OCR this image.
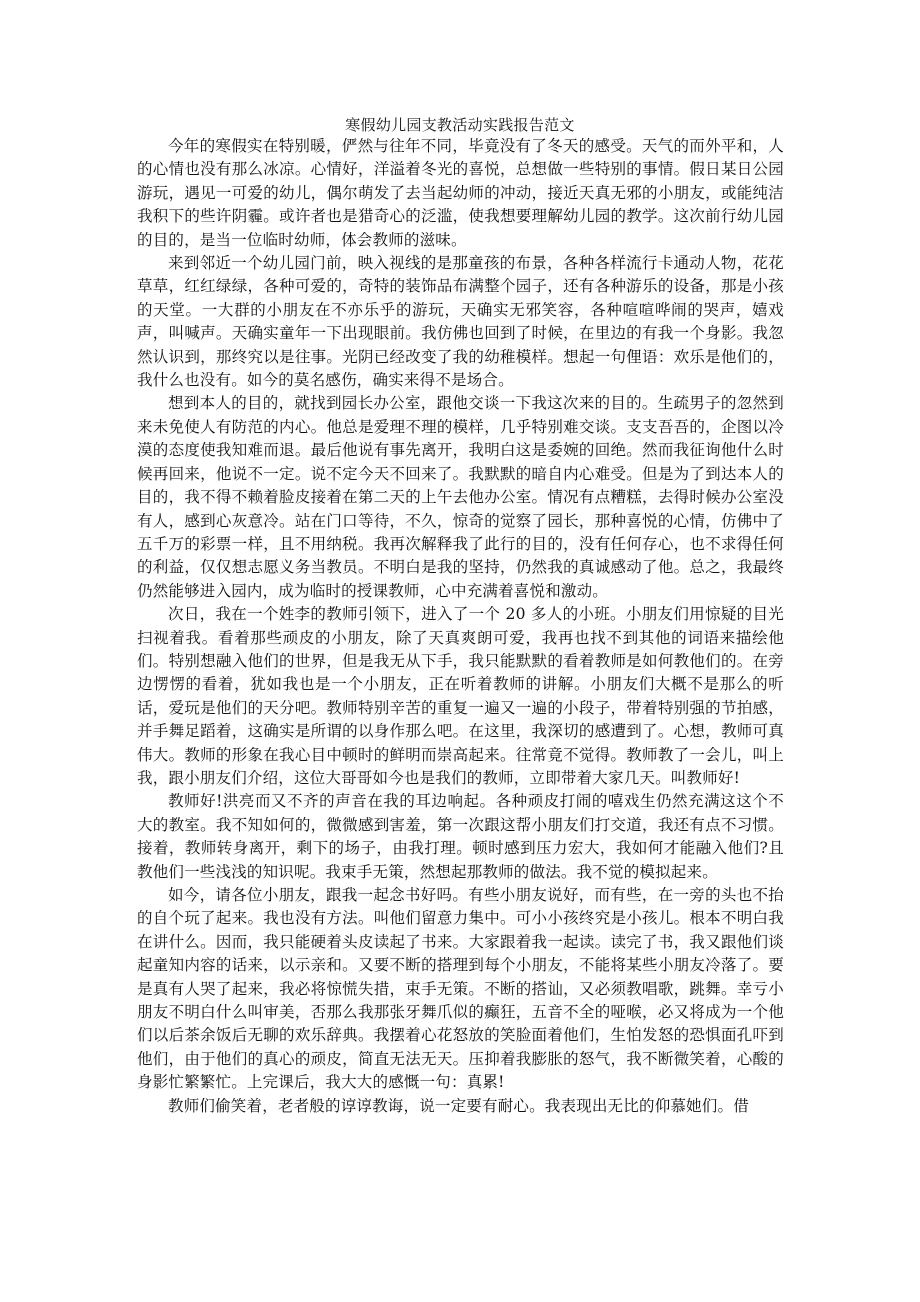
寒假幼儿园支教活动实践报告范文

今年的寒假实在特别暖，俨然与往年不同，毕竟没有了冬天的感受。天气的而外平和，人的心情也没有那么冰凉。心情好，洋溢着冬光的喜悦，总想做一些特别的事情。假日某日公园游玩，遇见一可爱的幼儿，偶尔萌发了去当起幼师的冲动，接近天真无邪的小朋友，或能纯洁我积下的些许阴霾。或许者也是猎奇心的泛滥，使我想要理解幼儿园的教学。这次前行幼儿园的目的，是当一位临时幼师，体会教师的滋味。

来到邻近一个幼儿园门前，映入视线的是那童孩的布景，各种各样流行卡通动人物，花花草草，红红绿绿，各种可爱的，奇特的装饰品布满整个园子，还有各种游乐的设备，那是小孩的天堂。一大群的小朋友在不亦乐乎的游玩，天确实无邪笑容，各种喧喧哗闹的哭声，嬉戏声，叫喊声。天确实童年一下出现眼前。我仿佛也回到了时候，在里边的有我一个身影。我忽然认识到，那终究以是往事。光阴已经改变了我的幼稚模样。想起一句俚语：欢乐是他们的，我什么也没有。如今的莫名感伤，确实来得不是场合。

想到本人的目的，就找到园长办公室，跟他交谈一下我这次来的目的。生疏男子的忽然到来未免使人有防范的内心。他总是爱理不理的模样，几乎特别难交谈。支支吾吾的，企图以冷漠的态度使我知难而退。最后他说有事先离开，我明白这是委婉的回绝。然而我征询他什么时候再回来，他说不一定。说不定今天不回来了。我默默的暗自内心难受。但是为了到达本人的目的，我不得不赖着脸皮接着在第二天的上午去他办公室。情况有点糟糕，去得时候办公室没有人，感到心灰意冷。站在门口等待，不久，惊奇的觉察了园长，那种喜悦的心情，仿佛中了五千万的彩票一样，且不用纳税。我再次解释我了此行的目的，没有任何存心，也不求得任何的利益，仅仅想志愿义务当教员。不明白是我的坚持，仍然我的真诚感动了他。总之，我最终仍然能够进入园内，成为临时的授课教师，心中充满着喜悦和激动。

次日，我在一个姓李的教师引领下，进入了一个 20 多人的小班。小朋友们用惊疑的目光扫视着我。看着那些顽皮的小朋友，除了天真爽朗可爱，我再也找不到其他的词语来描绘他们。特别想融入他们的世界，但是我无从下手，我只能默默的看着教师是如何教他们的。在旁边愣愣的看着，犹如我也是一个小朋友，正在听着教师的讲解。小朋友们大概不是那么的听话，爱玩是他们的天分吧。教师特别辛苦的重复一遍又一遍的小段子，带着特别强的节拍感，并手舞足蹈着，这确实是所谓的以身作那么吧。在这里，我深切的感遭到了。心想，教师可真伟大。教师的形象在我心目中顿时的鲜明而崇高起来。往常竟不觉得。教师教了一会儿，叫上我，跟小朋友们介绍，这位大哥哥如今也是我们的教师，立即带着大家几天。叫教师好!

教师好!洪亮而又不齐的声音在我的耳边响起。各种顽皮打闹的嘻戏生仍然充满这这个不大的教室。我不知如何的，微微感到害羞，第一次跟这帮小朋友们打交道，我还有点不习惯。接着，教师转身离开，剩下的场子，由我打理。顿时感到压力宏大，我如何才能融入他们?且教他们一些浅浅的知识呢。我束手无策，然想起那教师的做法。我不觉的模拟起来。

如今，请各位小朋友，跟我一起念书好吗。有些小朋友说好，而有些，在一旁的头也不抬的自个玩了起来。我也没有方法。叫他们留意力集中。可小小孩终究是小孩儿。根本不明白我在讲什么。因而，我只能硬着头皮读起了书来。大家跟着我一起读。读完了书，我又跟他们谈起童知内容的话来，以示亲和。又要不断的搭理到每个小朋友，不能将某些小朋友冷落了。要是真有人哭了起来，我必将惊慌失措，束手无策。不断的搭讪，又必须教唱歌，跳舞。幸亏小朋友不明白什么叫审美，否那么我那张牙舞爪似的癫狂，五音不全的哑喉，必又将成为一个他们以后茶余饭后无聊的欢乐辞典。我摆着心花怒放的笑脸面着他们，生怕发怒的恐惧面孔吓到他们，由于他们的真心的顽皮，简直无法无天。压抑着我膨胀的怒气，我不断微笑着，心酸的身影忙繁繁忙。上完课后，我大大的感慨一句：真累!

教师们偷笑着，老者般的谆谆教诲，说一定要有耐心。我表现出无比的仰慕她们。借
